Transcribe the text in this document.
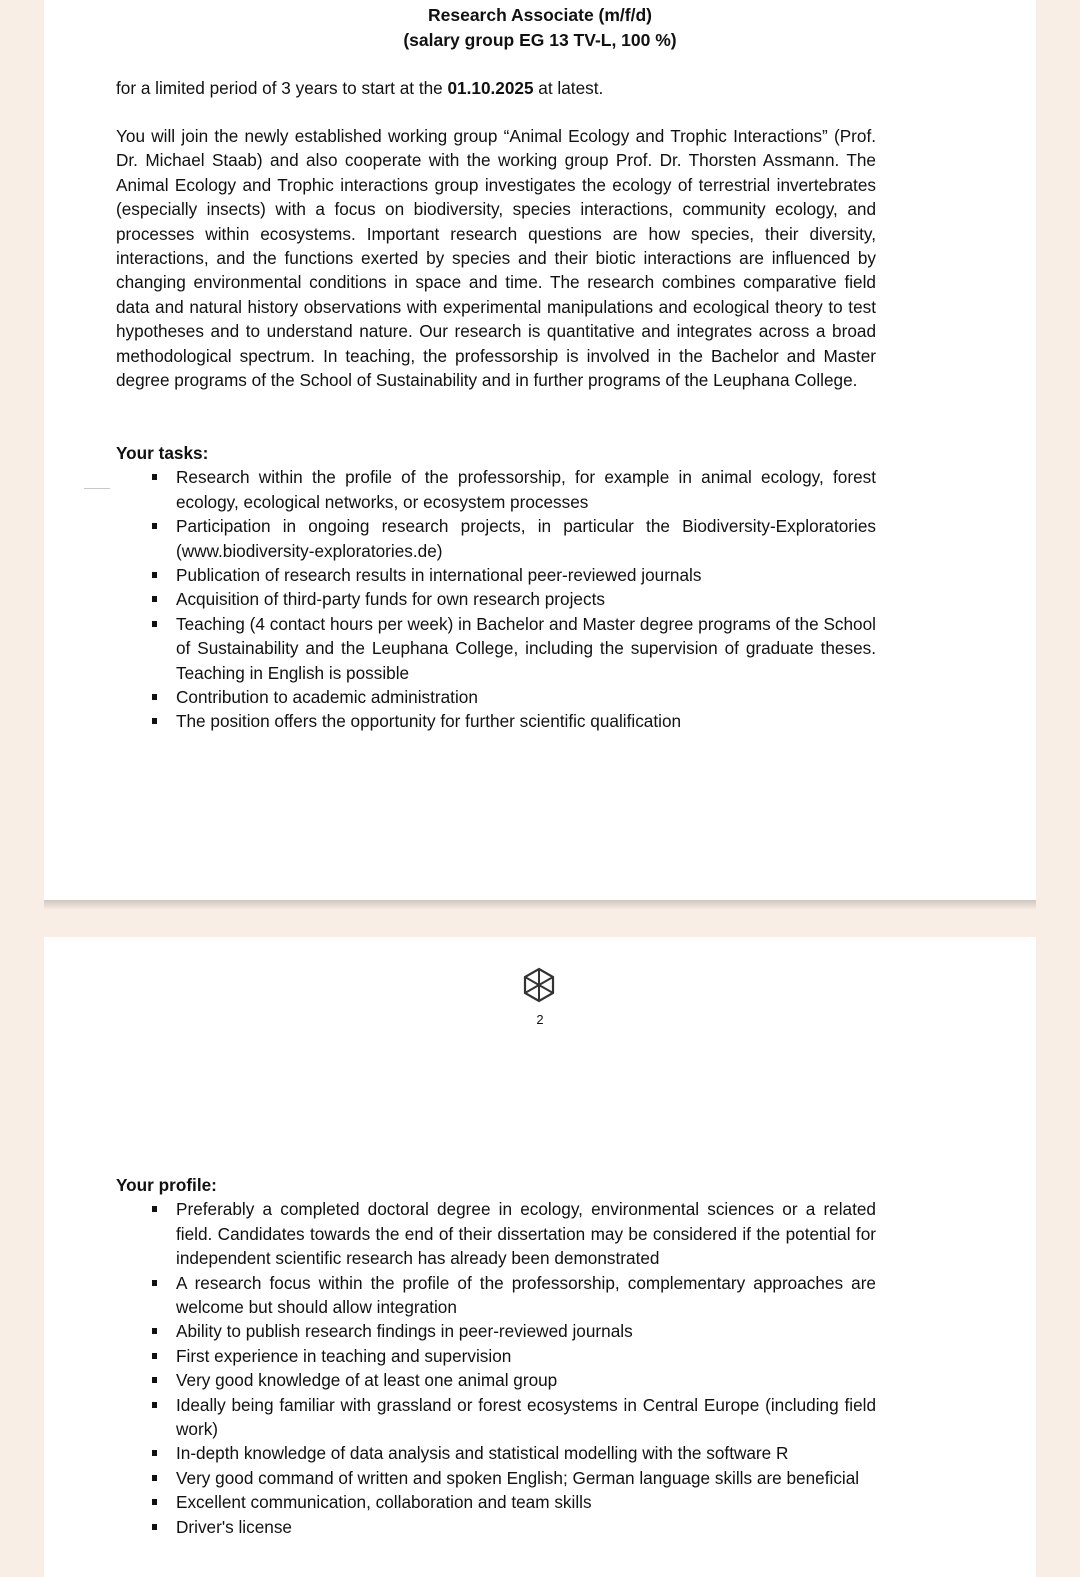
Research Associate (m/f/d)
(salary group EG 13 TV-L, 100 %)

for a limited period of 3 years to start at the 01.10.2025 at latest.

You will join the newly established working group “Animal Ecology and Trophic Interactions” (Prof. Dr. Michael Staab) and also cooperate with the working group Prof. Dr. Thorsten Assmann. The Animal Ecology and Trophic interactions group investigates the ecology of terrestrial invertebrates (especially insects) with a focus on biodiversity, species interactions, community ecology, and processes within ecosystems. Important research questions are how species, their diversity, interactions, and the functions exerted by species and their biotic interactions are influenced by changing environmental conditions in space and time. The research combines comparative field data and natural history observations with experimental manipulations and ecological theory to test hypotheses and to understand nature. Our research is quantitative and integrates across a broad methodological spectrum. In teaching, the professorship is involved in the Bachelor and Master degree programs of the School of Sustainability and in further programs of the Leuphana College.

Your tasks:

Research within the profile of the professorship, for example in animal ecology, forest ecology, ecological networks, or ecosystem processes
Participation in ongoing research projects, in particular the Biodiversity-Exploratories (www.biodiversity-exploratories.de)
Publication of research results in international peer-reviewed journals
Acquisition of third-party funds for own research projects
Teaching (4 contact hours per week) in Bachelor and Master degree programs of the School of Sustainability and the Leuphana College, including the supervision of graduate theses. Teaching in English is possible
Contribution to academic administration
The position offers the opportunity for further scientific qualification
2

Your profile:

Preferably a completed doctoral degree in ecology, environmental sciences or a related field. Candidates towards the end of their dissertation may be considered if the potential for independent scientific research has already been demonstrated
A research focus within the profile of the professorship, complementary approaches are welcome but should allow integration
Ability to publish research findings in peer-reviewed journals
First experience in teaching and supervision
Very good knowledge of at least one animal group
Ideally being familiar with grassland or forest ecosystems in Central Europe (including field work)
In-depth knowledge of data analysis and statistical modelling with the software R
Very good command of written and spoken English; German language skills are beneficial
Excellent communication, collaboration and team skills
Driver's license
